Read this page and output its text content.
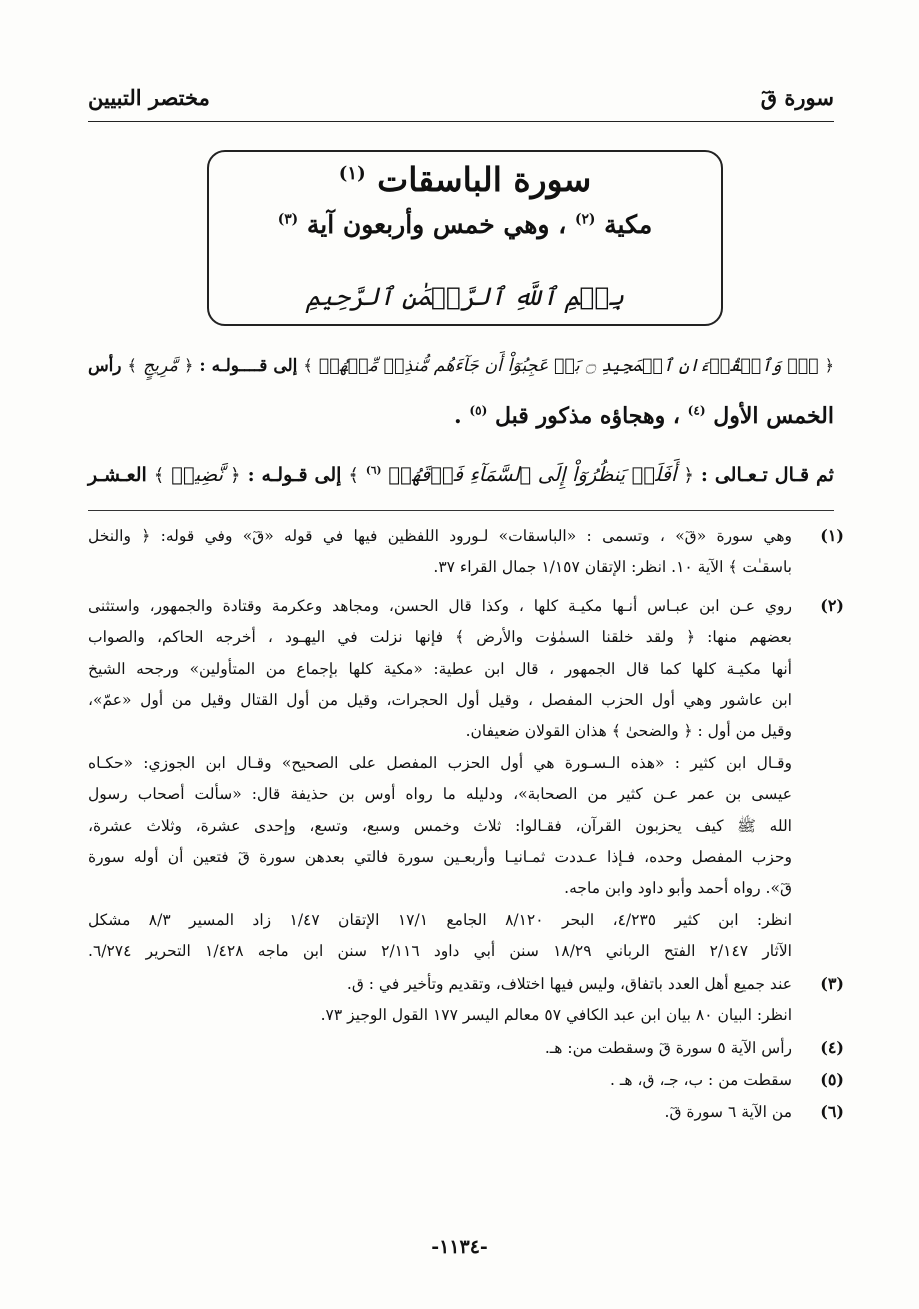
سورة قٓ
مختصر التبيين
سورة الباسقات $^{(١)}$
مكية $^{(٢)}$ ، وهي خمس وأربعون آية $^{(٣)}$
بِسۡمِ ٱللَّهِ ٱلرَّحۡمَٰنِ ٱلرَّحِيمِ
﴿ قٓۚ وَٱلۡقُرۡءَانِ ٱلۡمَجِيدِ ۝ بَلۡ عَجِبُوٓاْ أَن جَآءَهُم مُّنذِرٞ مِّنۡهُمۡ ﴾ إلى قــــولـه : ﴿ مَّرِيجٍ ﴾ رأس
الخمس الأول $^{(٤)}$ ، وهجاؤه مذكور قبل $^{(٥)}$ .
ثم قـال تـعـالى : ﴿ أَفَلَمۡ يَنظُرُوٓاْ إِلَى ٱلسَّمَآءِ فَوۡقَهُمۡ $^{(٦)}$ ﴾ إلى قـولـه : ﴿ نَّضِيدٞ ﴾ العـشـر
(١)
وهي سورة «قٓ» ، وتسمى : «الباسقات» لـورود اللفظين فيها في قوله «قٓ» وفي قوله: ﴿ والنخل
باسقـٰت ﴾ الآية ١٠. انظر: الإتقان ١/١٥٧ جمال القراء ٣٧.
(٢)
روي عـن ابن عبـاس أنـها مكيـة كلها ، وكذا قال الحسن، ومجاهد وعكرمة وقتادة والجمهور، واستثنى
بعضهم منها: ﴿ ولقد خلقنا السمٰوٰت والأرض ﴾ فإنها نزلت في اليهـود ، أخرجه الحاكم، والصواب
أنها مكيـة كلها كما قال الجمهور ، قال ابن عطية: «مكية كلها بإجماع من المتأولين» ورجحه الشيخ
ابن عاشور وهي أول الحزب المفصل ، وقيل أول الحجرات، وقيل من أول القتال وقيل من أول «عمّ»،
وقيل من أول : ﴿ والضحىٰ ﴾ هذان القولان ضعيفان.
وقـال ابن كثير : «هذه الـسـورة هي أول الحزب المفصل على الصحيح» وقـال ابن الجوزي: «حكـاه
عيسى بن عمر عـن كثير من الصحابة»، ودليله ما رواه أوس بن حذيفة قال: «سألت أصحاب رسول
الله ﷺ كيف يحزبون القرآن، فقـالوا: ثلاث وخمس وسبع، وتسع، وإحدى عشرة، وثلاث عشرة،
وحزب المفصل وحده، فـإذا عـددت ثمـانيـا وأربعـين سورة فالتي بعدهن سورة قٓ فتعين أن أوله سورة
قٓ». رواه أحمد وأبو داود وابن ماجه.
انظر: ابن كثير ٤/٢٣٥، البحر ٨/١٢٠ الجامع ١٧/١ الإتقان ١/٤٧ زاد المسير ٨/٣ مشكل
الآثار ٢/١٤٧ الفتح الرباني ١٨/٢٩ سنن أبي داود ٢/١١٦ سنن ابن ماجه ١/٤٢٨ التحرير ٦/٢٧٤.
(٣)
عند جميع أهل العدد باتفاق، وليس فيها اختلاف، وتقديم وتأخير في : ق.
انظر: البيان ٨٠ بيان ابن عبد الكافي ٥٧ معالم اليسر ١٧٧ القول الوجيز ٧٣.
(٤)
رأس الآية ٥ سورة قٓ وسقطت من: هـ.
(٥)
سقطت من : ب، جـ، ق، هـ .
(٦)
من الآية ٦ سورة قٓ.
-١١٣٤-
